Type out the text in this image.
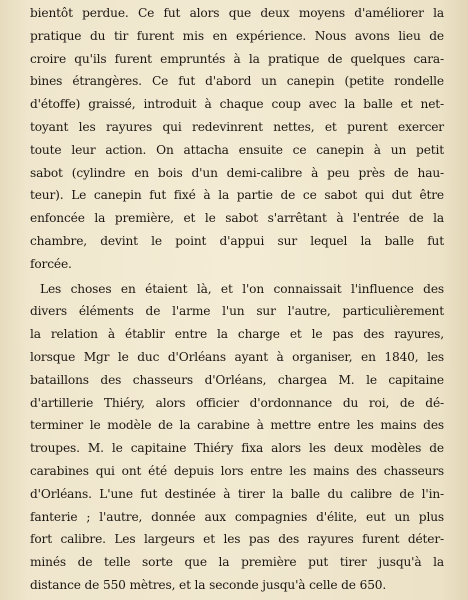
bientôt perdue. Ce fut alors que deux moyens d'améliorer la
pratique du tir furent mis en expérience. Nous avons lieu de
croire qu'ils furent empruntés à la pratique de quelques cara-
bines étrangères. Ce fut d'abord un canepin (petite rondelle
d'étoffe) graissé, introduit à chaque coup avec la balle et net-
toyant les rayures qui redevinrent nettes, et purent exercer
toute leur action. On attacha ensuite ce canepin à un petit
sabot (cylindre en bois d'un demi-calibre à peu près de hau-
teur). Le canepin fut fixé à la partie de ce sabot qui dut être
enfoncée la première, et le sabot s'arrêtant à l'entrée de la
chambre, devint le point d'appui sur lequel la balle fut
forcée.

Les choses en étaient là, et l'on connaissait l'influence des
divers éléments de l'arme l'un sur l'autre, particulièrement
la relation à établir entre la charge et le pas des rayures,
lorsque Mgr le duc d'Orléans ayant à organiser, en 1840, les
bataillons des chasseurs d'Orléans, chargea M. le capitaine
d'artillerie Thiéry, alors officier d'ordonnance du roi, de dé-
terminer le modèle de la carabine à mettre entre les mains des
troupes. M. le capitaine Thiéry fixa alors les deux modèles de
carabines qui ont été depuis lors entre les mains des chasseurs
d'Orléans. L'une fut destinée à tirer la balle du calibre de l'in-
fanterie ; l'autre, donnée aux compagnies d'élite, eut un plus
fort calibre. Les largeurs et les pas des rayures furent déter-
minés de telle sorte que la première put tirer jusqu'à la
distance de 550 mètres, et la seconde jusqu'à celle de 650.
